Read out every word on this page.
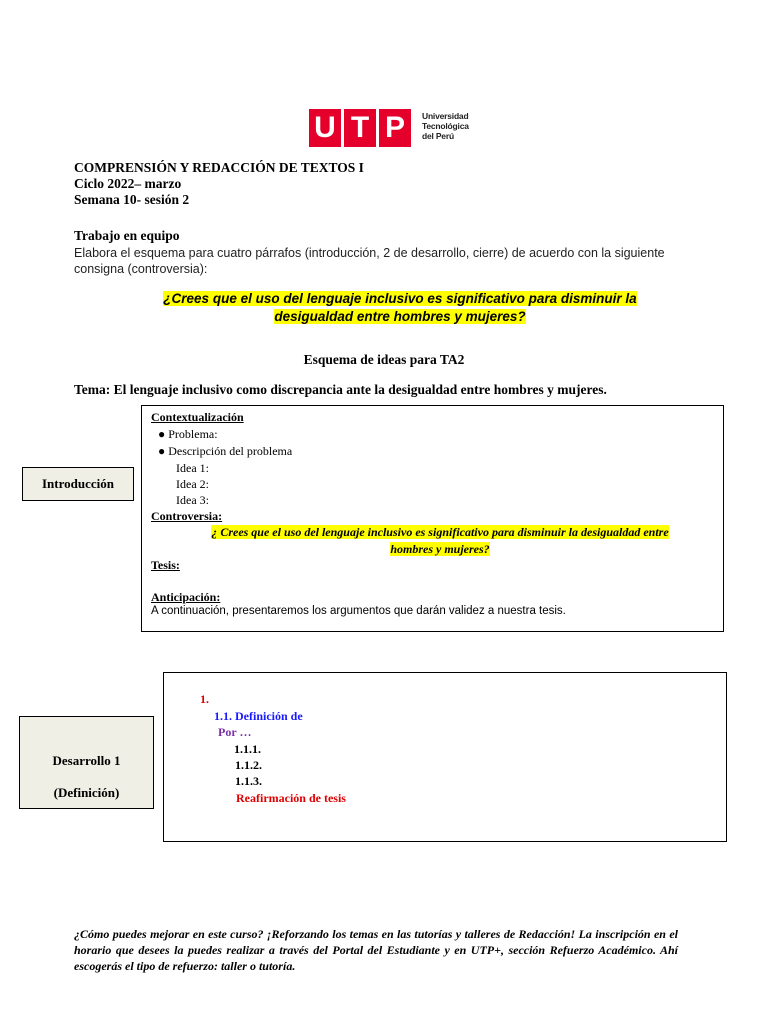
U T P	Universidad
Tecnológica
del Perú
COMPRENSIÓN Y REDACCIÓN DE TEXTOS I
Ciclo 2022– marzo
Semana 10- sesión 2
Trabajo en equipo
Elabora el esquema para cuatro párrafos (introducción, 2 de desarrollo, cierre) de acuerdo con la siguiente consigna (controversia):
¿Crees que el uso del lenguaje inclusivo es significativo para disminuir la
desigualdad entre hombres y mujeres?
Esquema de ideas para TA2
Tema: El lenguaje inclusivo como discrepancia ante la desigualdad entre hombres y mujeres.
Introducción
Contextualización
● Problema:
● Descripción del problema
Idea 1:
Idea 2:
Idea 3:
Controversia:
¿ Crees que el uso del lenguaje inclusivo es significativo para disminuir la desigualdad entre
hombres y mujeres?
Tesis:
Anticipación:
A continuación, presentaremos los argumentos que darán validez a nuestra tesis.
Desarrollo 1
(Definición)
1.
1.1. Definición de
Por …
1.1.1.
1.1.2.
1.1.3.
Reafirmación de tesis
¿Cómo puedes mejorar en este curso? ¡Reforzando los temas en las tutorías y talleres de Redacción! La inscripción en el horario que desees la puedes realizar a través del Portal del Estudiante y en UTP+, sección Refuerzo Académico. Ahí escogerás el tipo de refuerzo: taller o tutoría.
